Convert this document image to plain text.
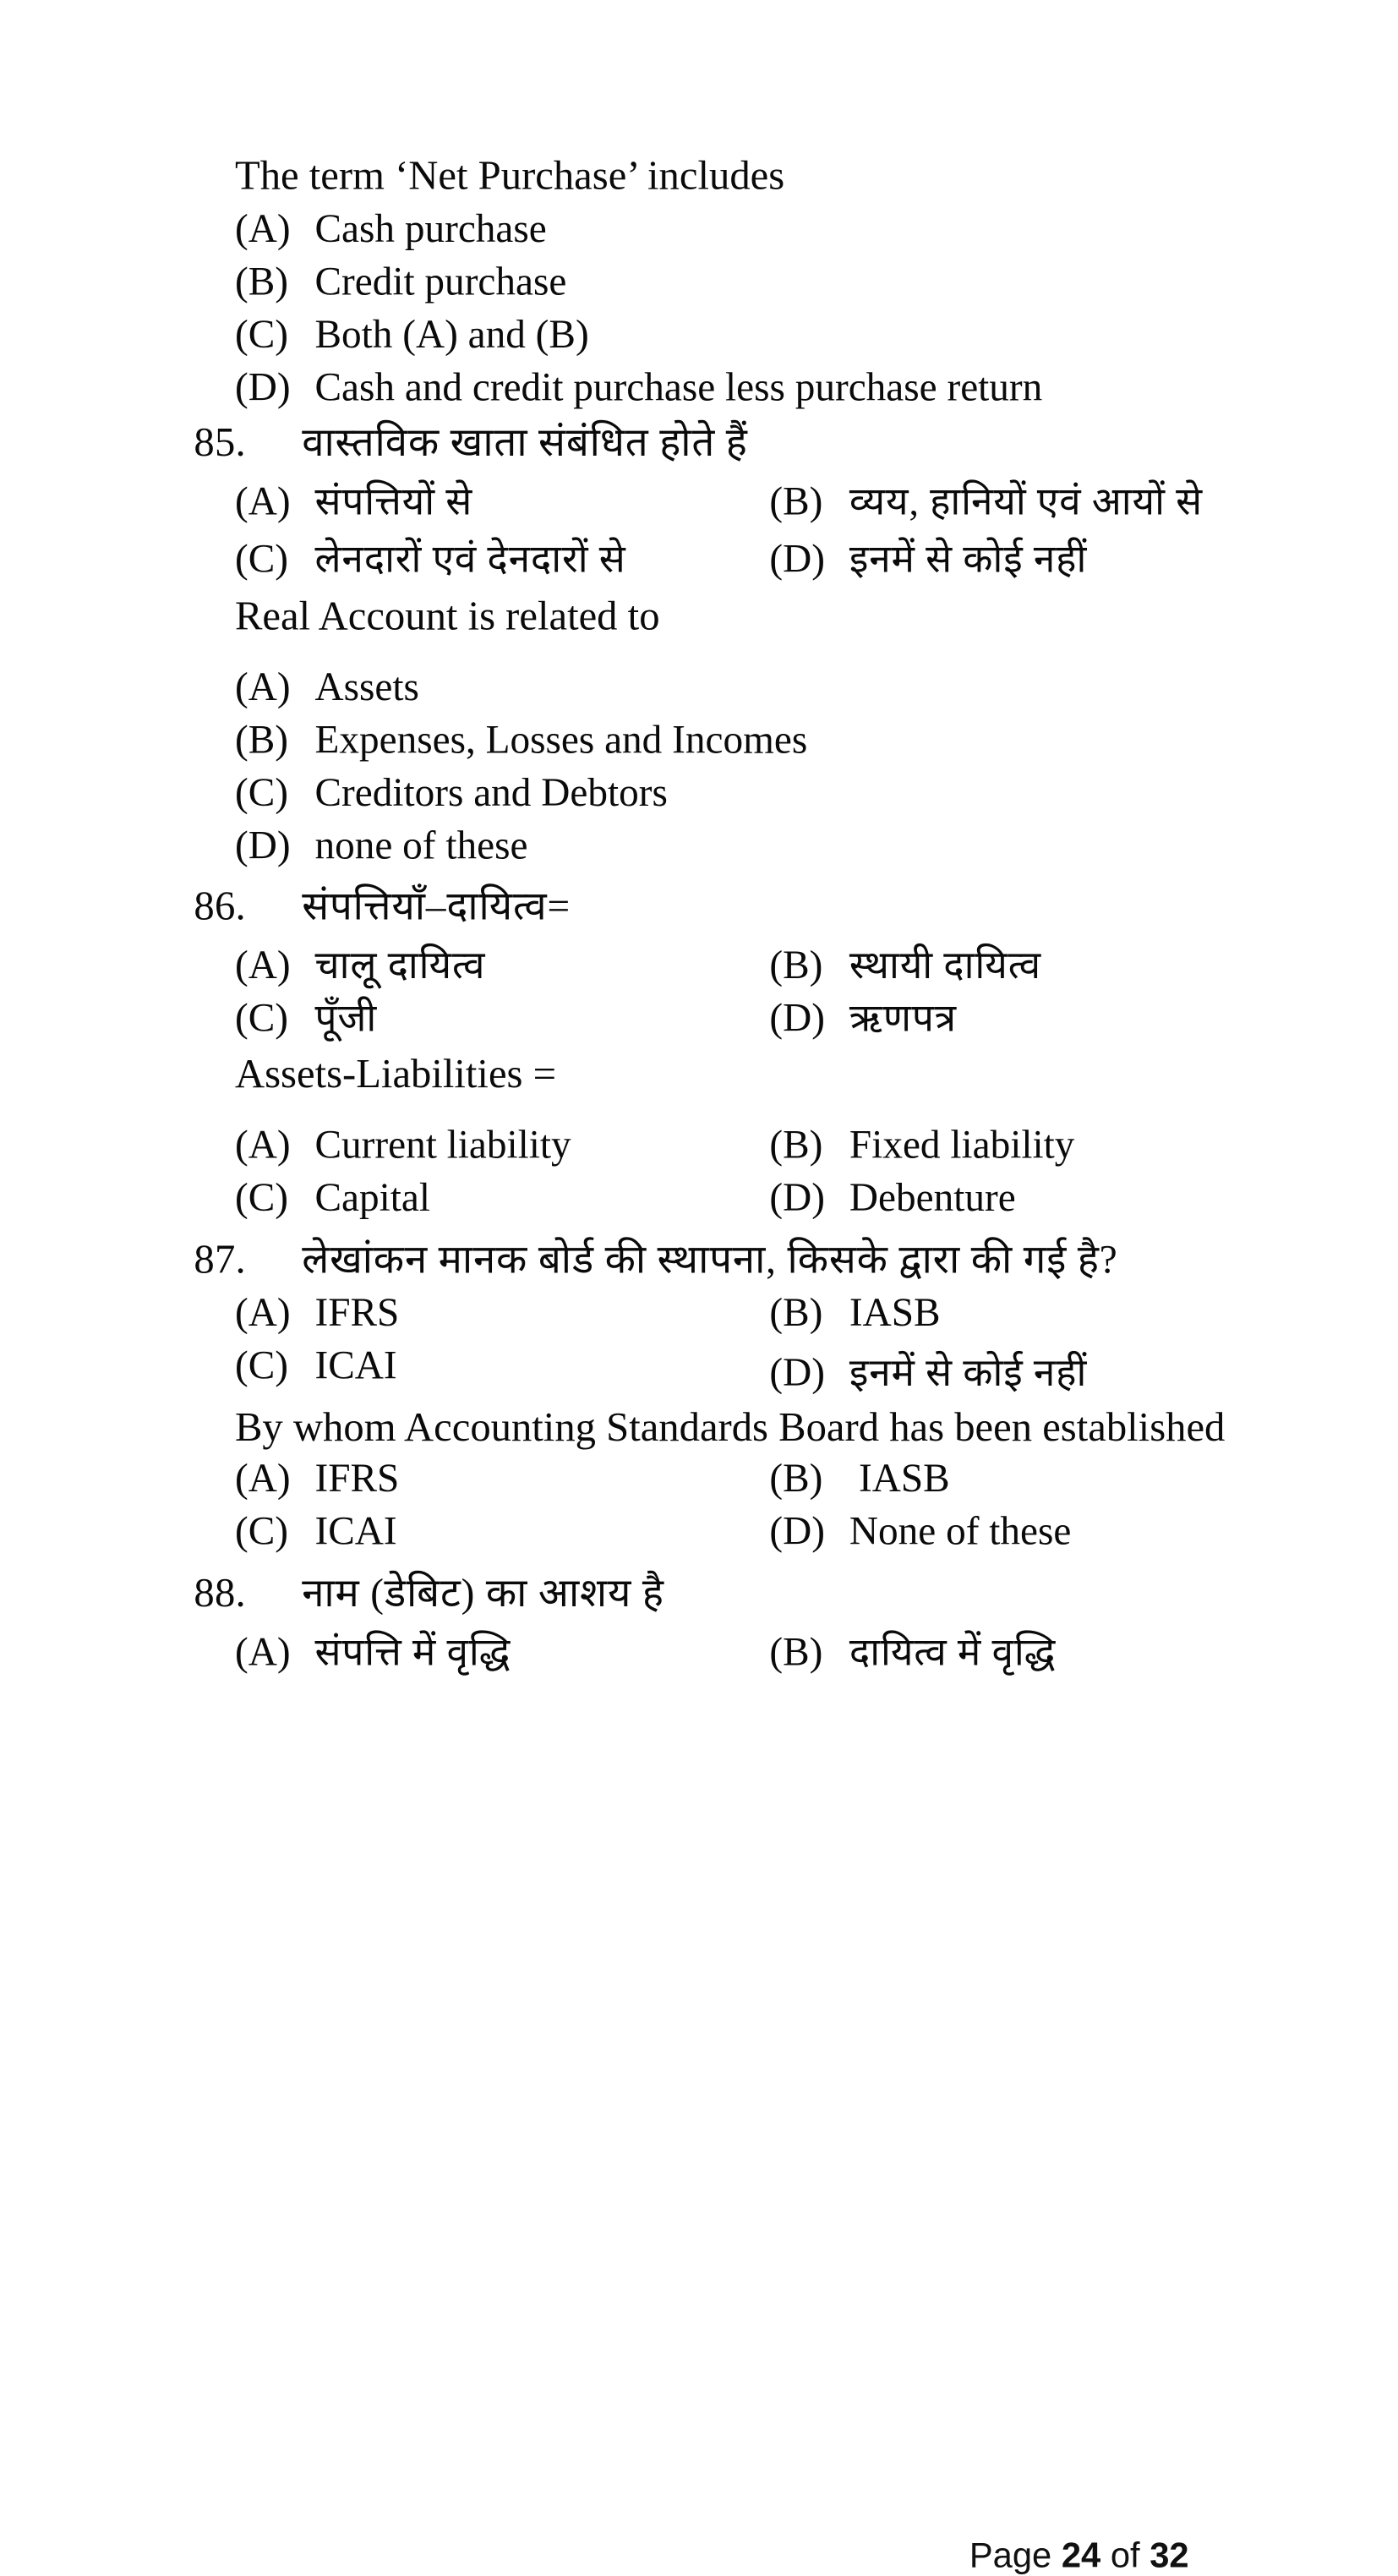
The term ‘Net Purchase’ includes
(A) Cash purchase
(B) Credit purchase
(C) Both (A) and (B)
(D) Cash and credit purchase less purchase return
85.	वास्तविक खाता संबंधित होते हैं
(A) संपत्तियों से	(B) व्यय, हानियों एवं आयों से
(C) लेनदारों एवं देनदारों से	(D) इनमें से कोई नहीं
Real Account is related to
(A) Assets
(B) Expenses, Losses and Incomes
(C) Creditors and Debtors
(D) none of these
86.	संपत्तियाँ–दायित्व=
(A) चालू दायित्व	(B) स्थायी दायित्व
(C) पूँजी	(D) ऋणपत्र
Assets-Liabilities =
(A) Current liability	(B) Fixed liability
(C) Capital	(D) Debenture
87.	लेखांकन मानक बोर्ड की स्थापना, किसके द्वारा की गई है?
(A) IFRS	(B) IASB
(C) ICAI	(D) इनमें से कोई नहीं
By whom Accounting Standards Board has been established
(A) IFRS	(B)	IASB
(C) ICAI	(D) None of these
88.	नाम (डेबिट) का आशय है
(A) संपत्ति में वृद्धि	(B) दायित्व में वृद्धि
Page 24 of 32
